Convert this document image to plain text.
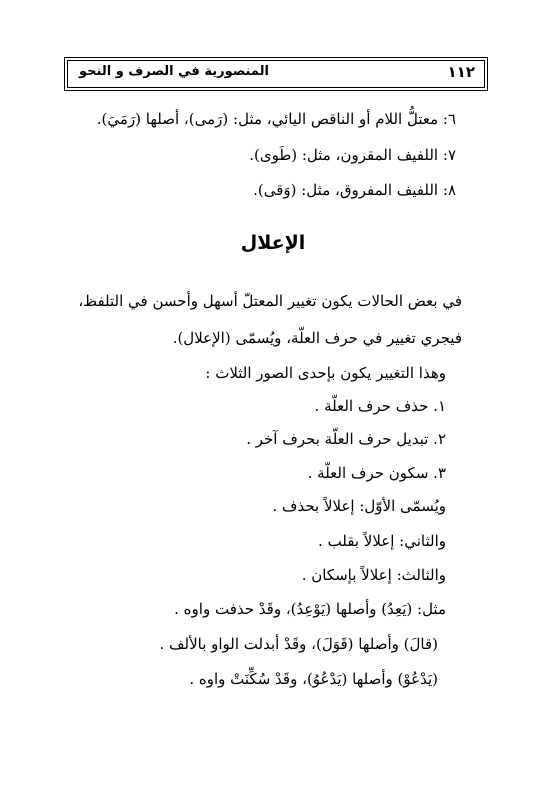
١١٢
المنصورية في الصرف و النحو
٦: معتلُّ اللام أو الناقص اليائي، مثل: (رَمى)، أصلها (رَمَيَ).
٧: اللفيف المقرون، مثل: (طَوى).
٨: اللفيف المفروق، مثل: (وَقى).
الإعلال
في بعض الحالات يكون تغيير المعتلّ أسهل وأحسن في التلفظ،
فيجري تغيير في حرف العلّة، ويُسمّى (الإعلال).
وهذا التغيير يكون بإحدى الصور الثلاث :
١. حذف حرف العلّة .
٢. تبديل حرف العلّة بحرف آخر .
٣. سكون حرف العلّة .
ويُسمّى الأوّل: إعلالاً بحذف .
والثاني: إعلالاً بقلب .
والثالث: إعلالاً بإسكان .
مثل: (يَعِدُ) وأصلها (يَوْعِدُ)، وقَدْ حذفت واوه .
(قالَ) وأصلها (قَوَلَ)، وقَدْ أبدلت الواو بالألف .
(يَدْعُوْ) وأصلها (يَدْعُوُ)، وقَدْ سُكِّنَتْ واوه .
